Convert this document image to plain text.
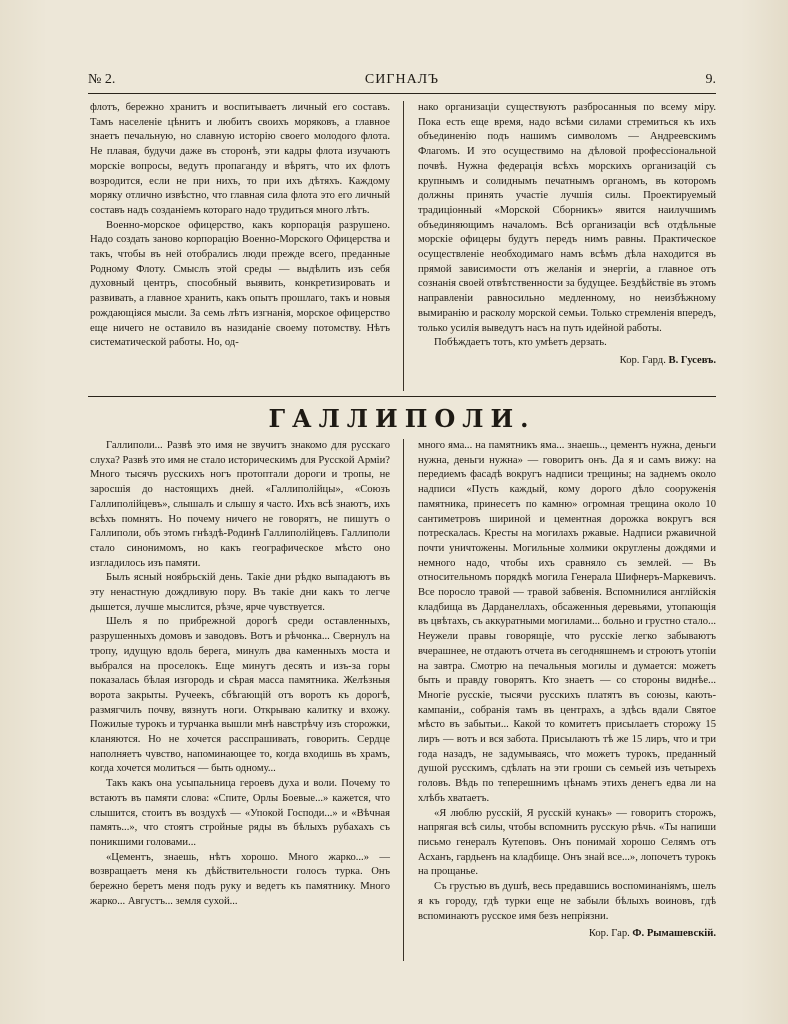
№ 2.	СИГНАЛЪ	9.

флотъ, бережно хранитъ и воспитываетъ личный его составъ. Тамъ населеніе цѣнитъ и любитъ своихъ моряковъ, а главное знаетъ печальную, но славную исторію своего молодого флота. Не плавая, будучи даже въ сторонѣ, эти кадры флота изучаютъ морскіе вопросы, ведутъ пропаганду и вѣрятъ, что их флотъ возродится, если не при нихъ, то при ихъ дѣтяхъ. Каждому моряку отлично извѣстно, что главная сила флота это его личный составъ надъ созданіемъ котораго надо трудиться много лѣтъ.

Военно-морское офицерство, какъ корпорація разрушено. Надо создать заново корпорацію Военно-Морского Офицерства и такъ, чтобы въ ней отобрались люди прежде всего, преданные Родному Флоту. Смыслъ этой среды — выдѣлить изъ себя духовный центръ, способный выявить, конкретизировать и развивать, а главное хранить, какъ опытъ прошлаго, такъ и новыя рождающіяся мысли. За семь лѣтъ изгнанія, морское офицерство еще ничего не оставило въ назиданіе своему потомству. Нѣтъ систематической работы. Но, од-

нако организаціи существуютъ разбросанныя по всему міру. Пока есть еще время, надо всѣми силами стремиться къ ихъ объединенію подъ нашимъ символомъ — Андреевскимъ Флагомъ. И это осуществимо на дѣловой профессіональной почвѣ. Нужна федерація всѣхъ морскихъ организацій съ крупнымъ и солиднымъ печатнымъ органомъ, въ которомъ должны принять участіе лучшія силы. Проектируемый традиціонный «Морской Сборникъ» явится наилучшимъ объединяющимъ началомъ. Всѣ организаціи всѣ отдѣльные морскіе офицеры будутъ передъ нимъ равны. Практическое осуществленіе необходимаго намъ всѣмъ дѣла находится въ прямой зависимости отъ желанія и энергіи, а главное отъ сознанія своей отвѣтственности за будущее. Бездѣйствіе въ этомъ направленіи равносильно медленному, но неизбѣжному вымиранію и расколу морской семьи. Только стремленія впередъ, только усилія выведутъ насъ на путь идейной работы.

Побѣждаетъ тотъ, кто умѣетъ дерзать.

Кор. Гард. В. Гусевъ.
ГАЛЛИПОЛИ.

Галлиполи... Развѣ это имя не звучитъ знакомо для русскаго слуха? Развѣ это имя не стало историческимъ для Русской Арміи? Много тысячъ русскихъ ногъ протоптали дороги и тропы, не заросшія до настоящихъ дней. «Галлиполійцы», «Союзъ Галлиполійцевъ», слышалъ и слышу я часто. Ихъ всѣ знаютъ, ихъ всѣхъ помнятъ. Но почему ничего не говорятъ, не пишутъ о Галлиполи, объ этомъ гнѣздѣ-Родинѣ Галлиполійцевъ. Галлиполи стало синонимомъ, но какъ географическое мѣсто оно изгладилось изъ памяти.

Былъ ясный ноябрьскій день. Такіе дни рѣдко выпадаютъ въ эту ненастную дождливую пору. Въ такіе дни какъ то легче дышется, лучше мыслится, рѣзче, ярче чувствуется.

Шелъ я по прибрежной дорогѣ среди оставленныхъ, разрушенныхъ домовъ и заводовъ. Вотъ и рѣчонка... Свернулъ на тропу, идущую вдоль берега, минулъ два каменныхъ моста и выбрался на проселокъ. Еще минутъ десять и изъ-за горы показалась бѣлая изгородь и сѣрая масса памятника. Желѣзныя ворота закрыты. Ручеекъ, сбѣгающій отъ воротъ къ дорогѣ, размягчилъ почву, вязнутъ ноги. Открываю калитку и вхожу. Пожилые турокъ и турчанка вышли мнѣ навстрѣчу изъ сторожки, кланяются. Но не хочется расспрашивать, говорить. Сердце наполняетъ чувство, напоминающее то, когда входишь въ храмъ, когда хочется молиться — быть одному...

Такъ какъ она усыпальница героевъ духа и воли. Почему то встаютъ въ памяти слова: «Спите, Орлы Боевые...» кажется, что слышится, стоитъ въ воздухѣ — «Упокой Господи...» и «Вѣчная память...», что стоятъ стройные ряды въ бѣлыхъ рубахахъ съ поникшими головами...

«Цементъ, знаешь, нѣтъ хорошо. Много жарко...» — возвращаетъ меня къ дѣйствительности голосъ турка. Онъ бережно беретъ меня подъ руку и ведетъ къ памятнику. Много жарко... Августъ... земля сухой...

много яма... на памятникъ яма... знаешь.., цементъ нужна, деньги нужна, деньги нужна» — говоритъ онъ. Да я и самъ вижу: на передиемъ фасадѣ вокругъ надписи трещины; на заднемъ около надписи «Пусть каждый, кому дорого дѣло сооруженія памятника, принесетъ по камню» огромная трещина около 10 сантиметровъ шириной и цементная дорожка вокругъ вся потрескалась. Кресты на могилахъ ржавые. Надписи ржавичной почти уничтожены. Могильные холмики округлены дождями и немного надо, чтобы ихъ сравняло съ землей. — Въ относительномъ порядкѣ могила Генерала Шифнеръ-Маркевичъ. Все поросло травой — травой забвенія. Вспомнилися англійскія кладбища въ Дарданеллахъ, обсаженныя деревьями, утопающія въ цвѣтахъ, съ аккуратными могилами... больно и грустно стало... Неужели правы говорящіе, что русскіе легко забываютъ вчерашнее, не отдаютъ отчета въ сегодняшнемъ и строютъ утопіи на завтра. Смотрю на печальныя могилы и думается: можетъ быть и правду говорятъ. Кто знаетъ — со стороны виднѣе... Многіе русскіе, тысячи русскихъ платятъ въ союзы, кають-кампаніи,, собранія тамъ въ центрахъ, а здѣсь вдали Святое мѣсто въ забытьи... Какой то комитетъ присылаетъ сторожу 15 лиръ — вотъ и вся забота. Присылаютъ тѣ же 15 лиръ, что и три года назадъ, не задумываясь, что можетъ турокъ, преданный душой русскимъ, сдѣлать на эти гроши съ семьей изъ четырехъ головъ. Вѣдь по теперешнимъ цѣнамъ этихъ денегъ едва ли на хлѣбъ хватаетъ.

«Я люблю русскій, Я русскій кунакъ» — говоритъ сторожъ, напрягая всѣ силы, чтобы вспомнить русскую рѣчь. «Ты напиши письмо генералъ Кутеповъ. Онъ понимай хорошо Селямъ отъ Асханъ, гардьенъ на кладбище. Онъ знай все...», лопочетъ турокъ на прощанье.

Съ грустью въ душѣ, весь предавшись воспоминаніямъ, шелъ я къ городу, гдѣ турки еще не забыли бѣлыхъ воиновъ, гдѣ вспоминаютъ русское имя безъ непріязни.

Кор. Гар. Ф. Рымашевскій.
